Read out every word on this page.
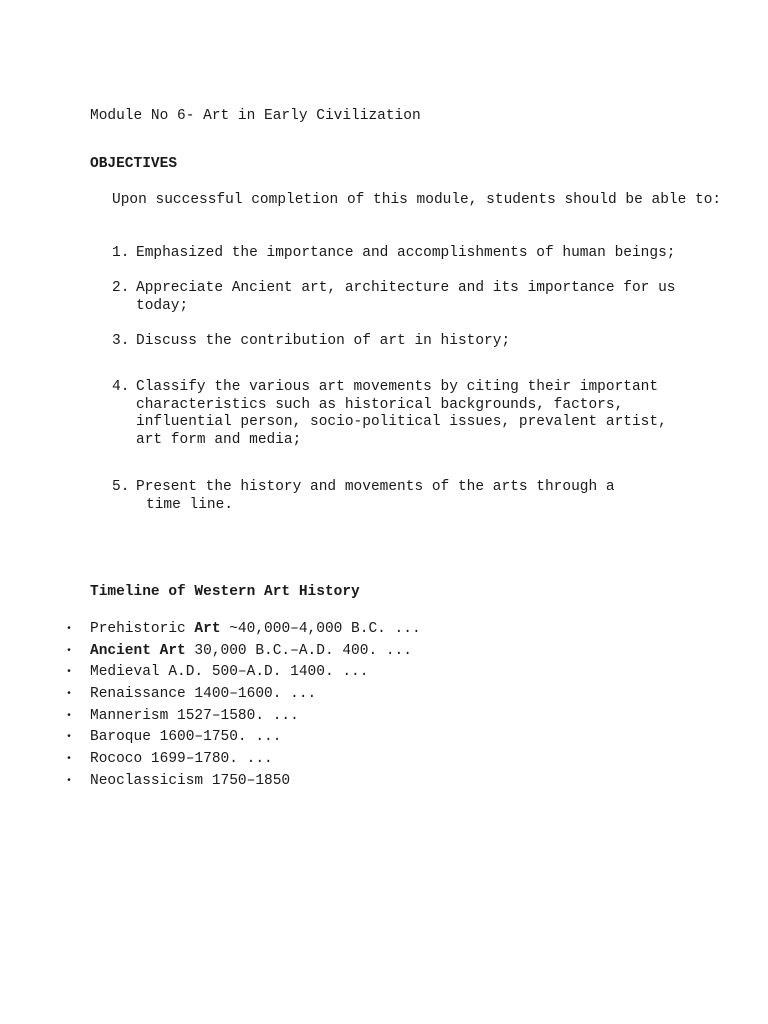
Module No 6- Art in Early Civilization
OBJECTIVES
Upon successful completion of this module, students should be able to:
1. Emphasized the importance and accomplishments of human beings;
2. Appreciate Ancient art, architecture and its importance for us
today;
3. Discuss the contribution of art in history;
4. Classify the various art movements by citing their important
characteristics such as historical backgrounds, factors,
influential person, socio-political issues, prevalent artist,
art form and media;
5. Present the history and movements of the arts through a
time line.
Timeline of Western Art History

•

Prehistoric Art ~40,000–4,000 B.C. ...

•

Ancient Art 30,000 B.C.–A.D. 400. ...

•

Medieval A.D. 500–A.D. 1400. ...

•

Renaissance 1400–1600. ...

•

Mannerism 1527–1580. ...

•

Baroque 1600–1750. ...

•

Rococo 1699–1780. ...

•

Neoclassicism 1750–1850
